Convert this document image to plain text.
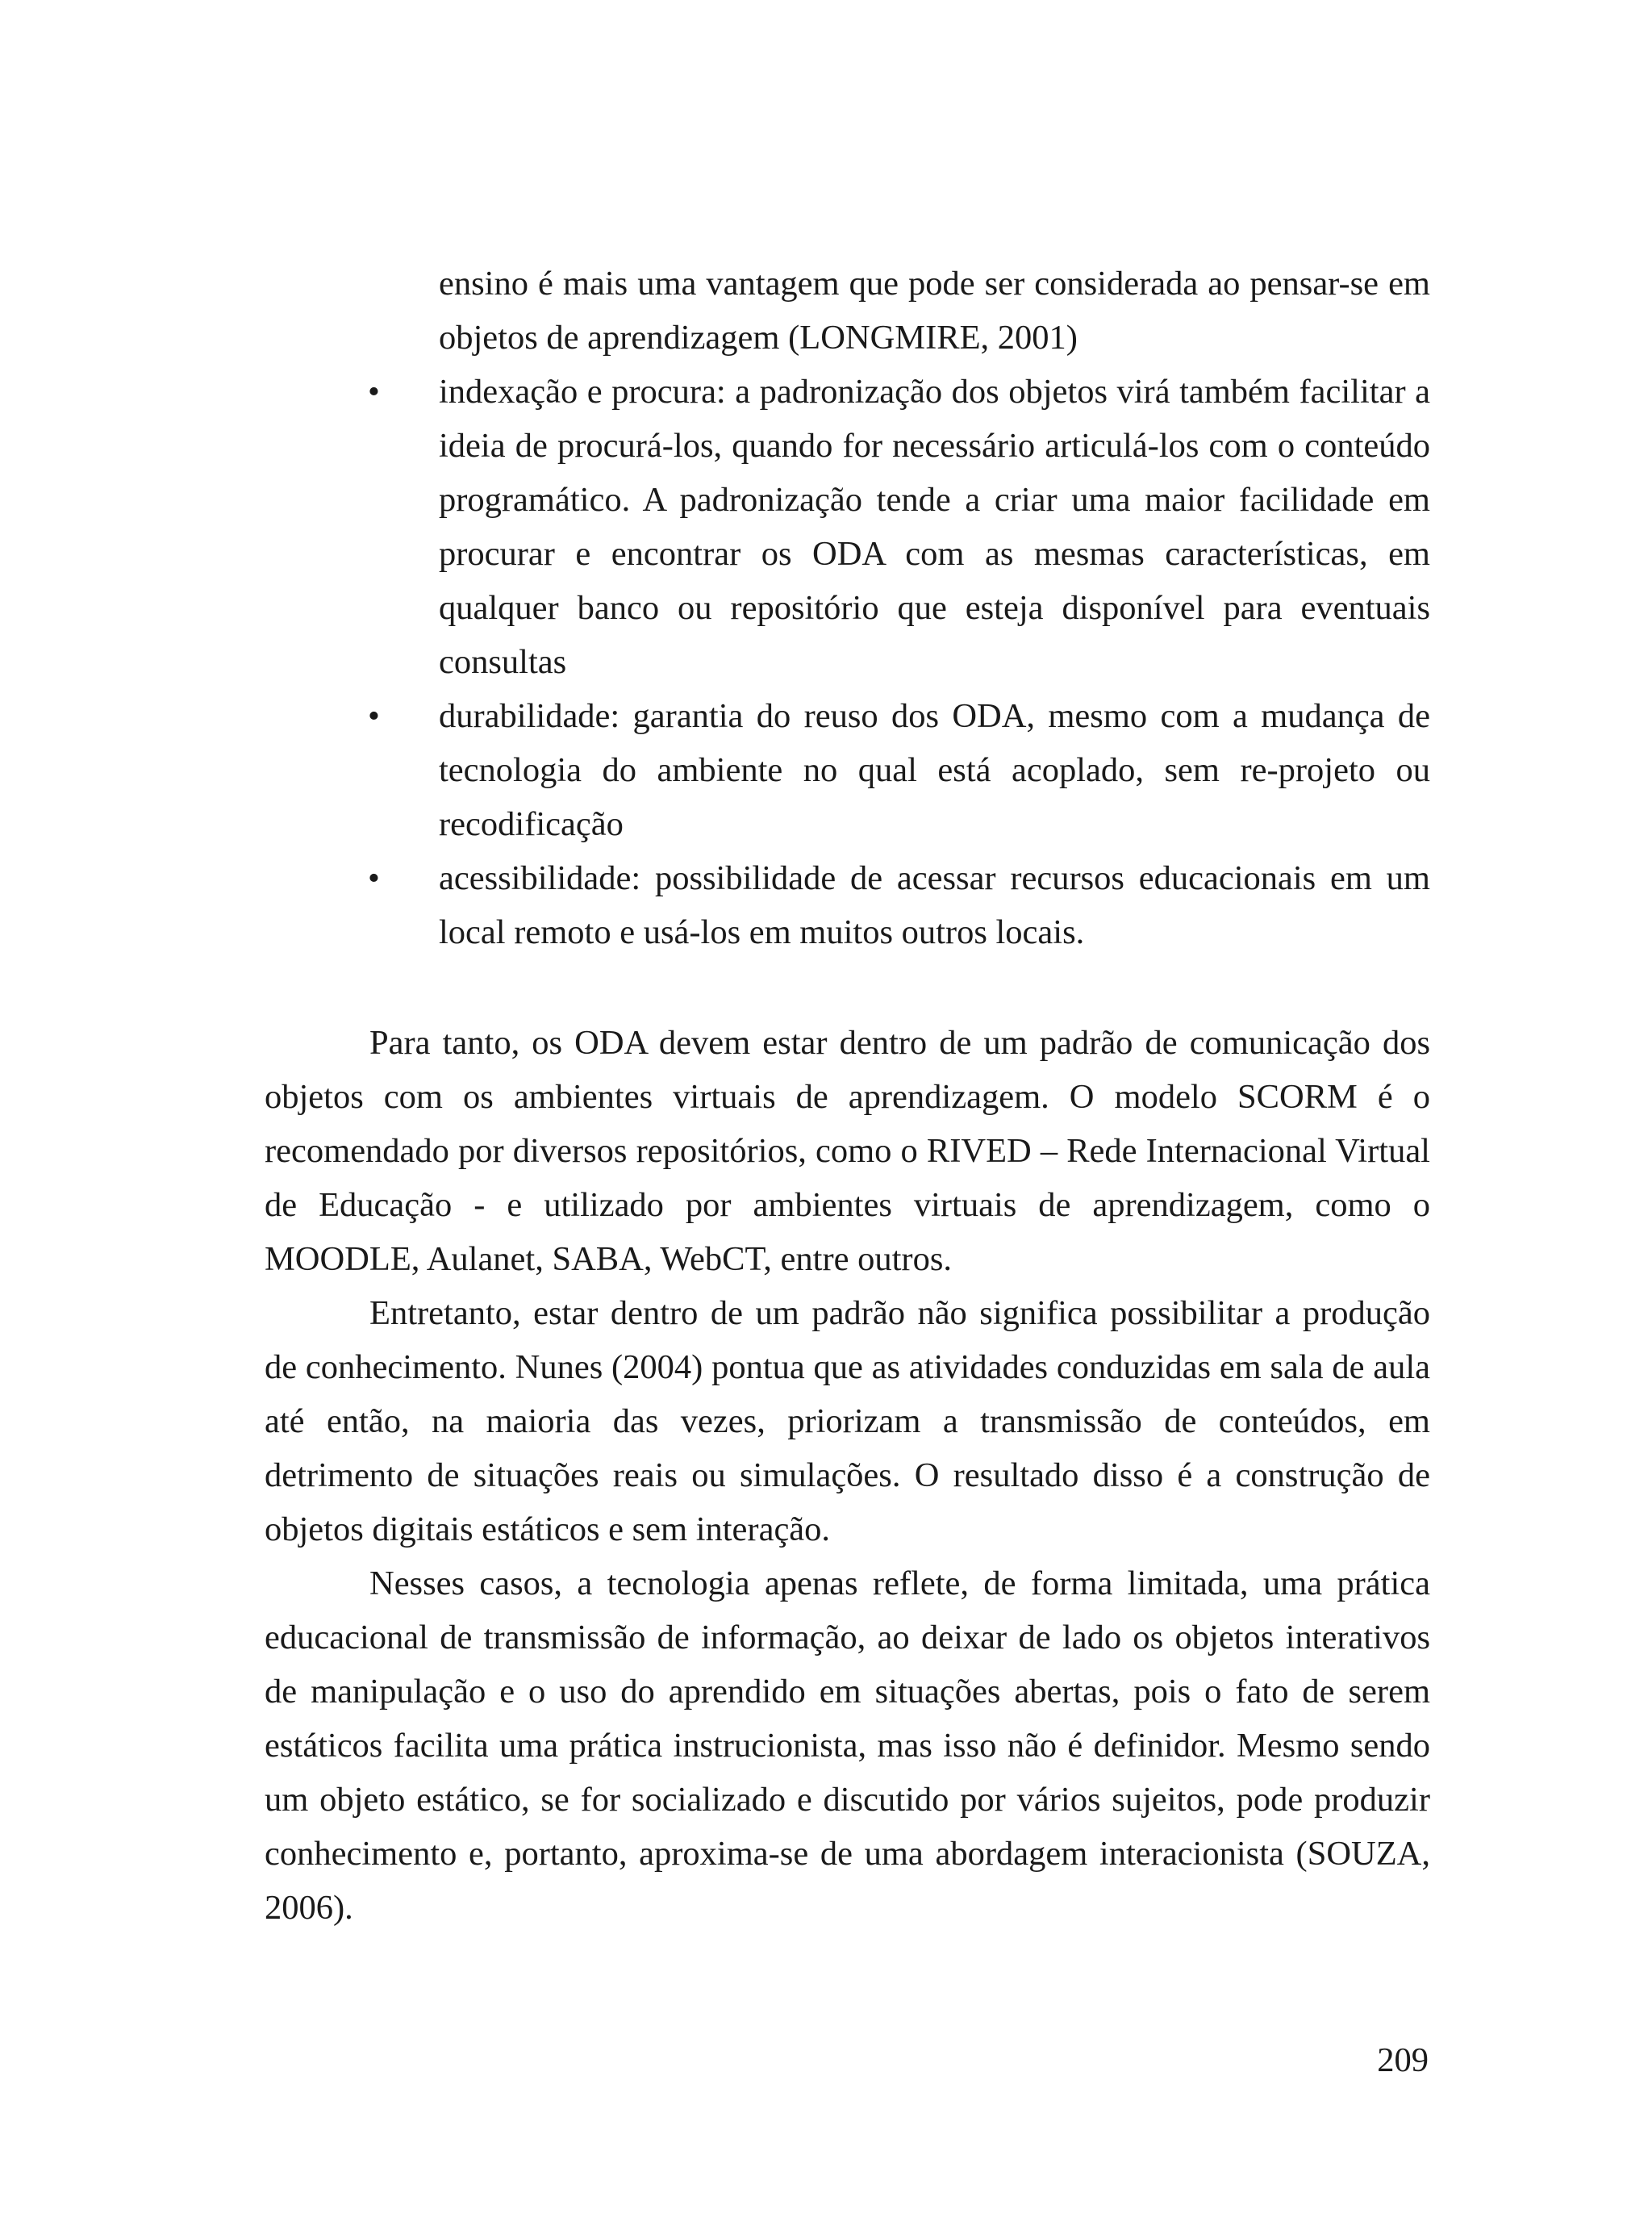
ensino é mais uma vantagem que pode ser considerada ao pensar-se em objetos de aprendizagem (LONGMIRE, 2001)
• indexação e procura: a padronização dos objetos virá também facilitar a ideia de procurá-los, quando for necessário articulá-los com o conteúdo programático. A padronização tende a criar uma maior facilidade em procurar e encontrar os ODA com as mesmas características, em qualquer banco ou repositório que esteja disponível para eventuais consultas
• durabilidade: garantia do reuso dos ODA, mesmo com a mudança de tecnologia do ambiente no qual está acoplado, sem re-projeto ou recodificação
• acessibilidade: possibilidade de acessar recursos educacionais em um local remoto e usá-los em muitos outros locais.

Para tanto, os ODA devem estar dentro de um padrão de comunicação dos objetos com os ambientes virtuais de aprendizagem. O modelo SCORM é o recomendado por diversos repositórios, como o RIVED – Rede Internacional Virtual de Educação - e utilizado por ambientes virtuais de aprendizagem, como o MOODLE, Aulanet, SABA, WebCT, entre outros.

Entretanto, estar dentro de um padrão não significa possibilitar a produção de conhecimento. Nunes (2004) pontua que as atividades conduzidas em sala de aula até então, na maioria das vezes, priorizam a transmissão de conteúdos, em detrimento de situações reais ou simulações. O resultado disso é a construção de objetos digitais estáticos e sem interação.

Nesses casos, a tecnologia apenas reflete, de forma limitada, uma prática educacional de transmissão de informação, ao deixar de lado os objetos interativos de manipulação e o uso do aprendido em situações abertas, pois o fato de serem estáticos facilita uma prática instrucionista, mas isso não é definidor. Mesmo sendo um objeto estático, se for socializado e discutido por vários sujeitos, pode produzir conhecimento e, portanto, aproxima-se de uma abordagem interacionista (SOUZA, 2006).

209
